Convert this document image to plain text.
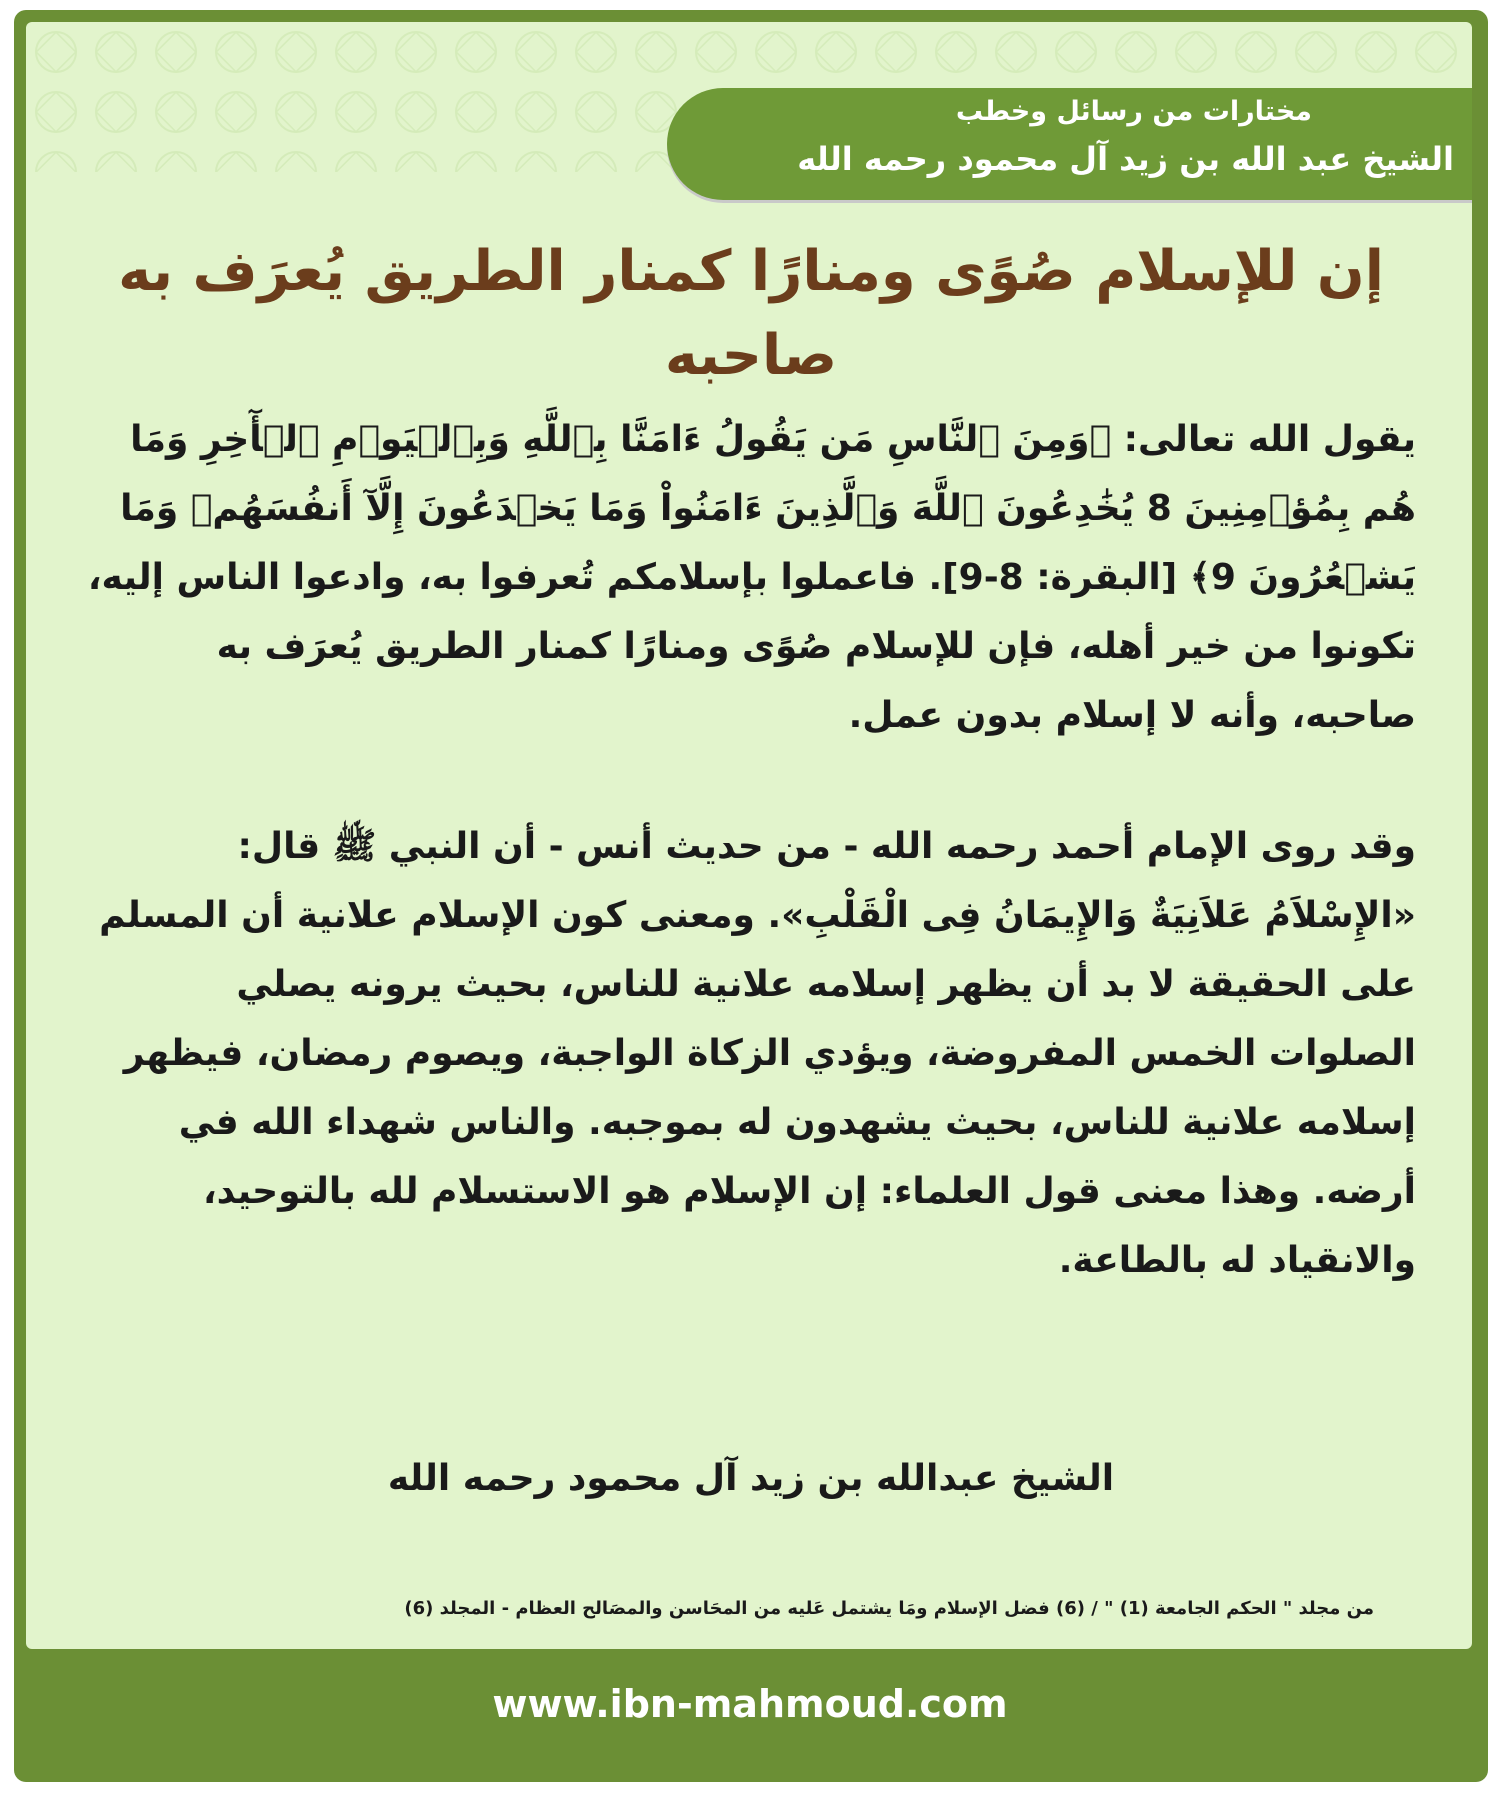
مختارات من رسائل وخطب
الشيخ عبد الله بن زيد آل محمود رحمه الله
إن للإسلام صُوًى ومنارًا كمنار الطريق يُعرَف به صاحبه

يقول الله تعالى: ﴿وَمِنَ ٱلنَّاسِ مَن يَقُولُ ءَامَنَّا بِٱللَّهِ وَبِٱلۡيَوۡمِ ٱلۡأٓخِرِ وَمَا هُم بِمُؤۡمِنِينَ 8 يُخَٰدِعُونَ ٱللَّهَ وَٱلَّذِينَ ءَامَنُواْ وَمَا يَخۡدَعُونَ إِلَّآ أَنفُسَهُمۡ وَمَا يَشۡعُرُونَ 9﴾ [البقرة: 8-9]. فاعملوا بإسلامكم تُعرفوا به، وادعوا الناس إليه، تكونوا من خير أهله، فإن للإسلام صُوًى ومنارًا كمنار الطريق يُعرَف به صاحبه، وأنه لا إسلام بدون عمل.

وقد روى الإمام أحمد رحمه الله - من حديث أنس - أن النبي ﷺ قال: «الإِسْلاَمُ عَلاَنِيَةٌ وَالإِيمَانُ فِى الْقَلْبِ». ومعنى كون الإسلام علانية أن المسلم على الحقيقة لا بد أن يظهر إسلامه علانية للناس، بحيث يرونه يصلي الصلوات الخمس المفروضة، ويؤدي الزكاة الواجبة، ويصوم رمضان، فيظهر إسلامه علانية للناس، بحيث يشهدون له بموجبه. والناس شهداء الله في أرضه. وهذا معنى قول العلماء: إن الإسلام هو الاستسلام لله بالتوحيد، والانقياد له بالطاعة.

الشيخ عبدالله بن زيد آل محمود رحمه الله
من مجلد " الحكم الجامعة (1) " / (6) فضل الإسلام ومَا يشتمل عَليه من المحَاسن والمصَالح العظام - المجلد (6)
www.ibn-mahmoud.com
